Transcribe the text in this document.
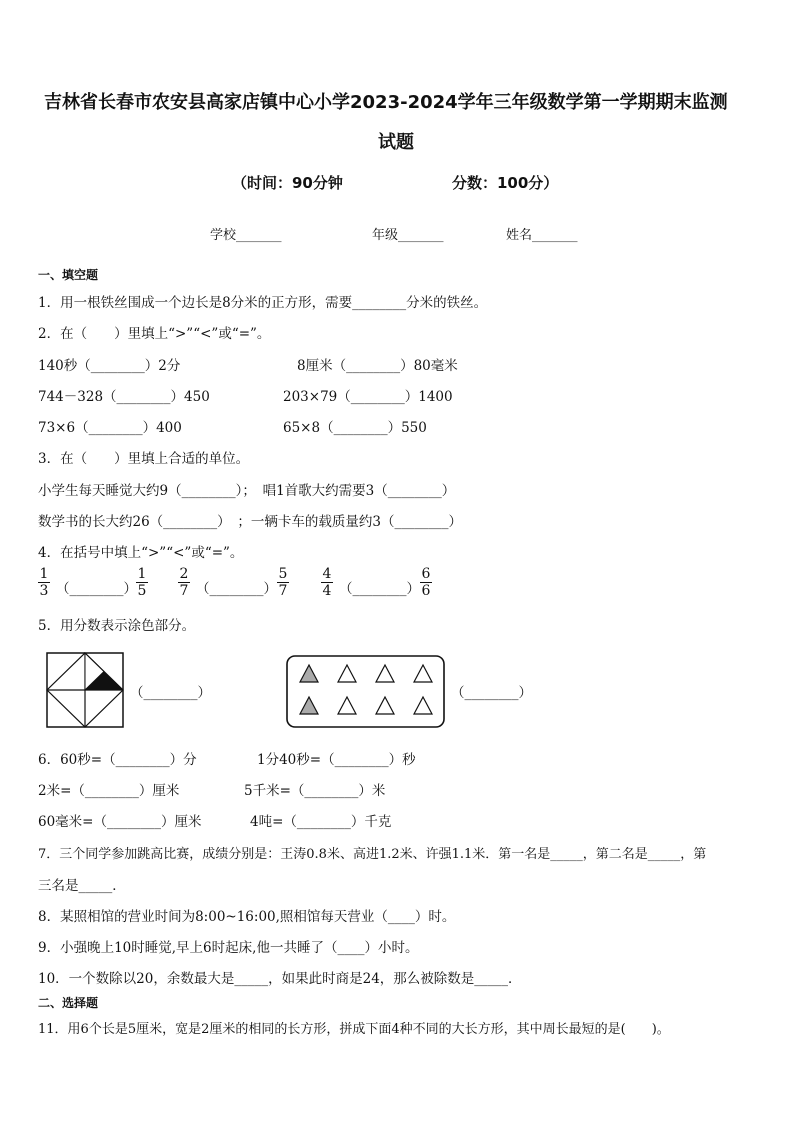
吉林省长春市农安县高家店镇中心小学2023-2024学年三年级数学第一学期期末监测
试题
（时间：90分钟	分数：100分）
学校_______	年级_______	姓名_______
一、填空题
1．用一根铁丝围成一个边长是8分米的正方形，需要________分米的铁丝。
2．在（　　）里填上“>”“<”或“=”。
140秒（________）2分	8厘米（________）80毫米
744－328（________）450	203×79（________）1400
73×6（________）400	65×8（________）550
3．在（　　）里填上合适的单位。
小学生每天睡觉大约9（________）；　唱1首歌大约需要3（________）
数学书的长大约26（________）　；一辆卡车的载质量约3（________）
4．在括号中填上“>”“<”或“=”。
1
3 （________）
1
5
2
7 （________）
5
7
4
4 （________）
6
6
5．用分数表示涂色部分。
（________）	（________）
6．60秒=（________）分	1分40秒=（________）秒
2米=（________）厘米	5千米=（________）米
60毫米=（________）厘米	4吨=（________）千克
7．三个同学参加跳高比赛，成绩分别是：王涛0.8米、高进1.2米、许强1.1米．第一名是_____，第二名是_____，第
三名是_____．
8．某照相馆的营业时间为8:00~16:00,照相馆每天营业（____）时。
9．小强晚上10时睡觉,早上6时起床,他一共睡了（____）小时。
10．一个数除以20，余数最大是_____，如果此时商是24，那么被除数是_____．
二、选择题
11．用6个长是5厘米，宽是2厘米的相同的长方形，拼成下面4种不同的大长方形，其中周长最短的是(　　)。
